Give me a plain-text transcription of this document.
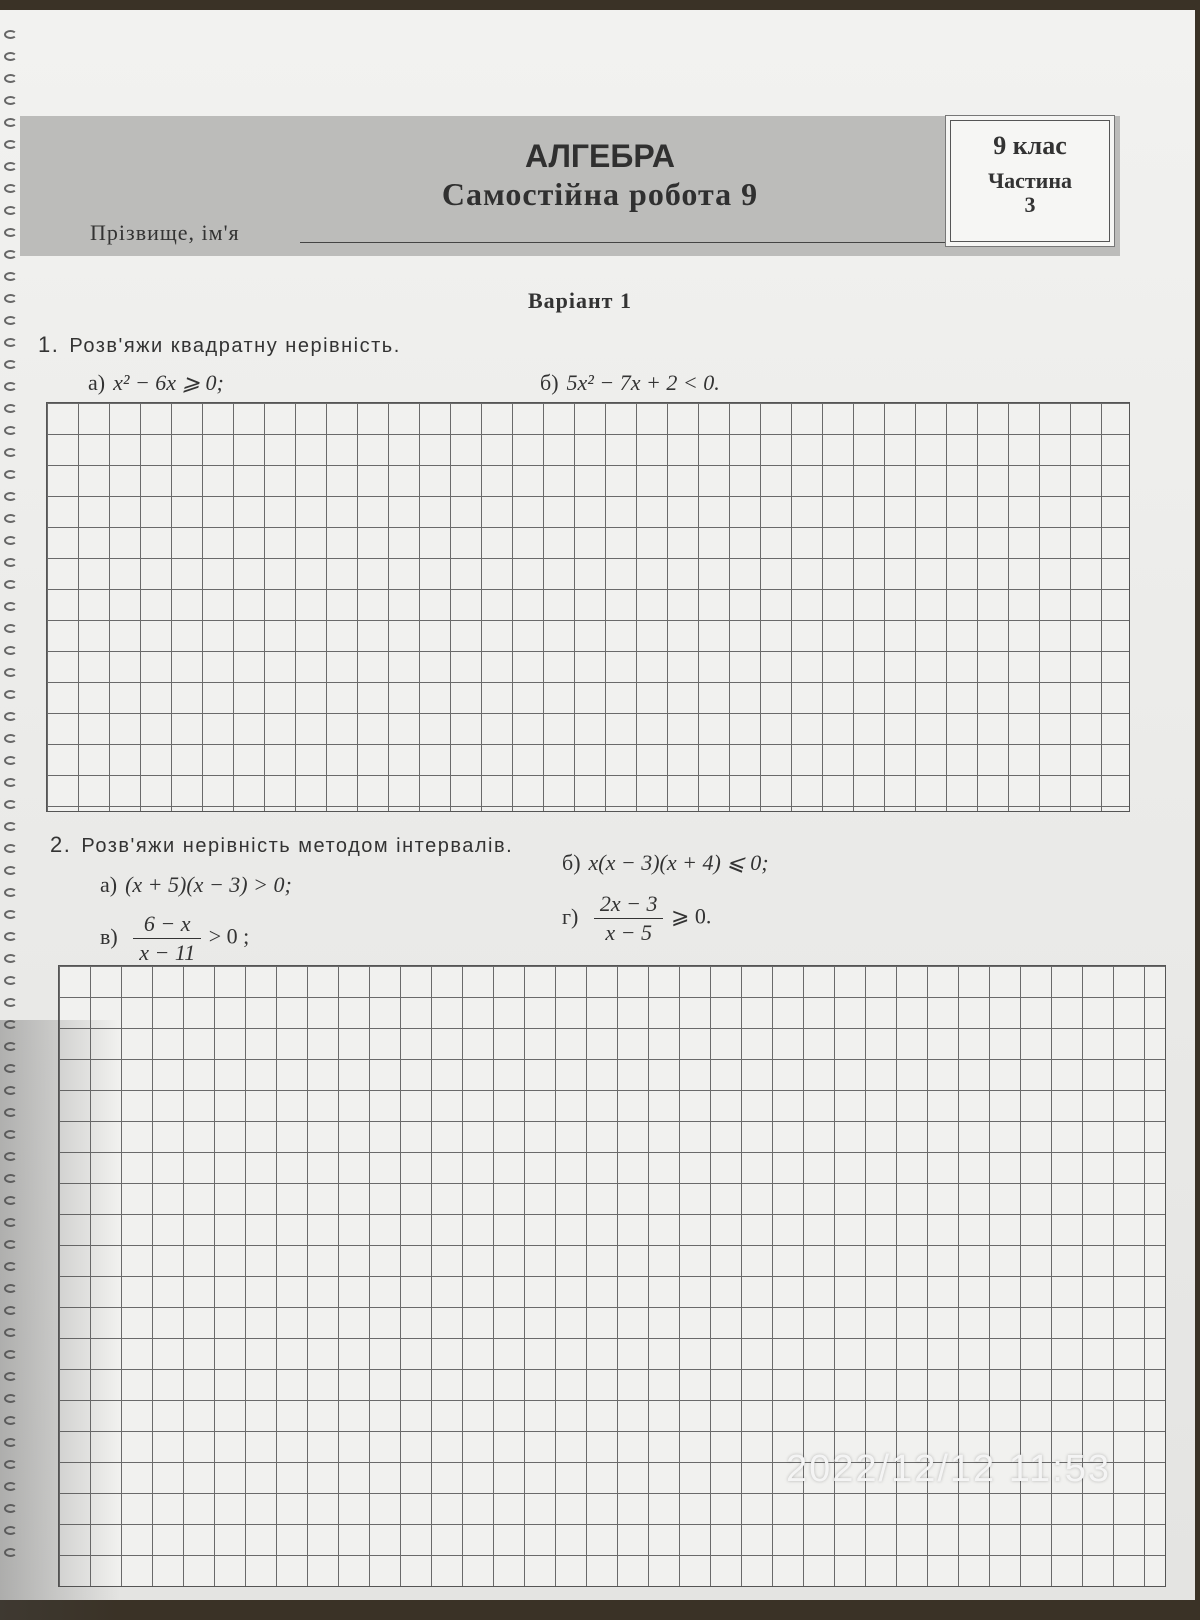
АЛГЕБРА
Самостійна робота 9
Прізвище, ім'я
9 клас
Частина
3
Варіант 1
1. Розв'яжи квадратну нерівність.
а) x² − 6x ⩾ 0;	б) 5x² − 7x + 2 < 0.
2. Розв'яжи нерівність методом інтервалів.
а) (x + 5)(x − 3) > 0;
б) x(x − 3)(x + 4) ⩽ 0;
$в) \frac{6 - x}{x - 11} > 0$ ;
$г) \frac{2x - 3}{x - 5}$ ⩾ 0.
2022/12/12 11:53
